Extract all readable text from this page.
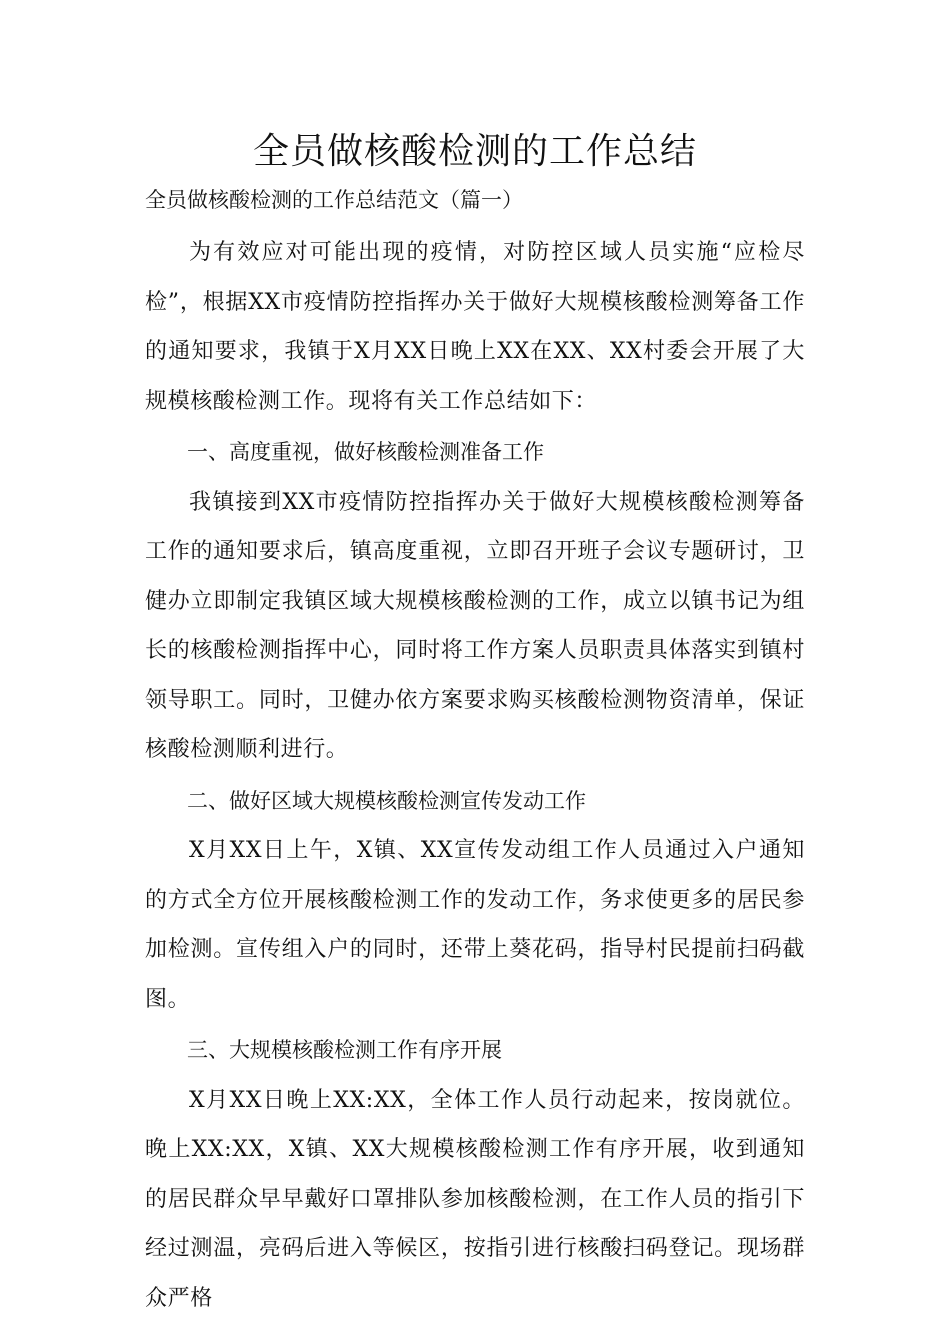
全员做核酸检测的工作总结

全员做核酸检测的工作总结范文（篇一）

为有效应对可能出现的疫情，对防控区域人员实施“应检尽检”，根据XX市疫情防控指挥办关于做好大规模核酸检测筹备工作的通知要求，我镇于X月XX日晚上XX在XX、XX村委会开展了大规模核酸检测工作。现将有关工作总结如下：

一、高度重视，做好核酸检测准备工作

我镇接到XX市疫情防控指挥办关于做好大规模核酸检测筹备工作的通知要求后，镇高度重视，立即召开班子会议专题研讨，卫健办立即制定我镇区域大规模核酸检测的工作，成立以镇书记为组长的核酸检测指挥中心，同时将工作方案人员职责具体落实到镇村领导职工。同时，卫健办依方案要求购买核酸检测物资清单，保证核酸检测顺利进行。

二、做好区域大规模核酸检测宣传发动工作

X月XX日上午，X镇、XX宣传发动组工作人员通过入户通知的方式全方位开展核酸检测工作的发动工作，务求使更多的居民参加检测。宣传组入户的同时，还带上葵花码，指导村民提前扫码截图。

三、大规模核酸检测工作有序开展

X月XX日晚上XX:XX，全体工作人员行动起来，按岗就位。晚上XX:XX，X镇、XX大规模核酸检测工作有序开展，收到通知的居民群众早早戴好口罩排队参加核酸检测，在工作人员的指引下经过测温，亮码后进入等候区，按指引进行核酸扫码登记。现场群众严格
